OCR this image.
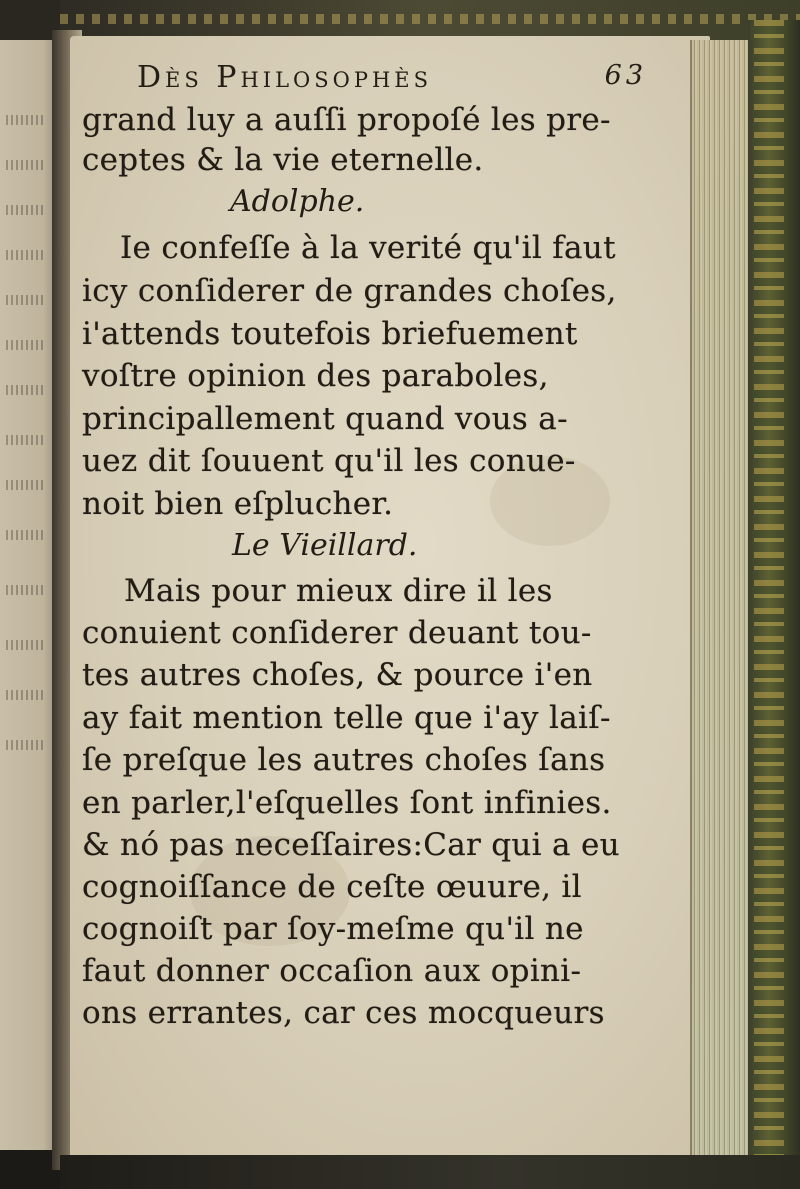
Dès Philoſophès	63
grand luy a auſſi propoſé les pre-
ceptes & la vie eternelle.
Adolphe.
Ie confeſſe à la verité qu'il faut
icy conſiderer de grandes choſes,
i'attends toutefois briefuement
voſtre opinion des paraboles,
principallement quand vous a-
uez dit ſouuent qu'il les conue-
noit bien eſplucher.
Le Vieillard.
Mais pour mieux dire il les
conuient conſiderer deuant tou-
tes autres choſes, & pource i'en
ay fait mention telle que i'ay laiſ-
ſe preſque les autres choſes ſans
en parler,l'eſquelles ſont infinies.
& nó pas neceſſaires:Car qui a eu
cognoiſſance de ceſte œuure, il
cognoiſt par ſoy-meſme qu'il ne
faut donner occaſion aux opini-
ons errantes, car ces mocqueurs
